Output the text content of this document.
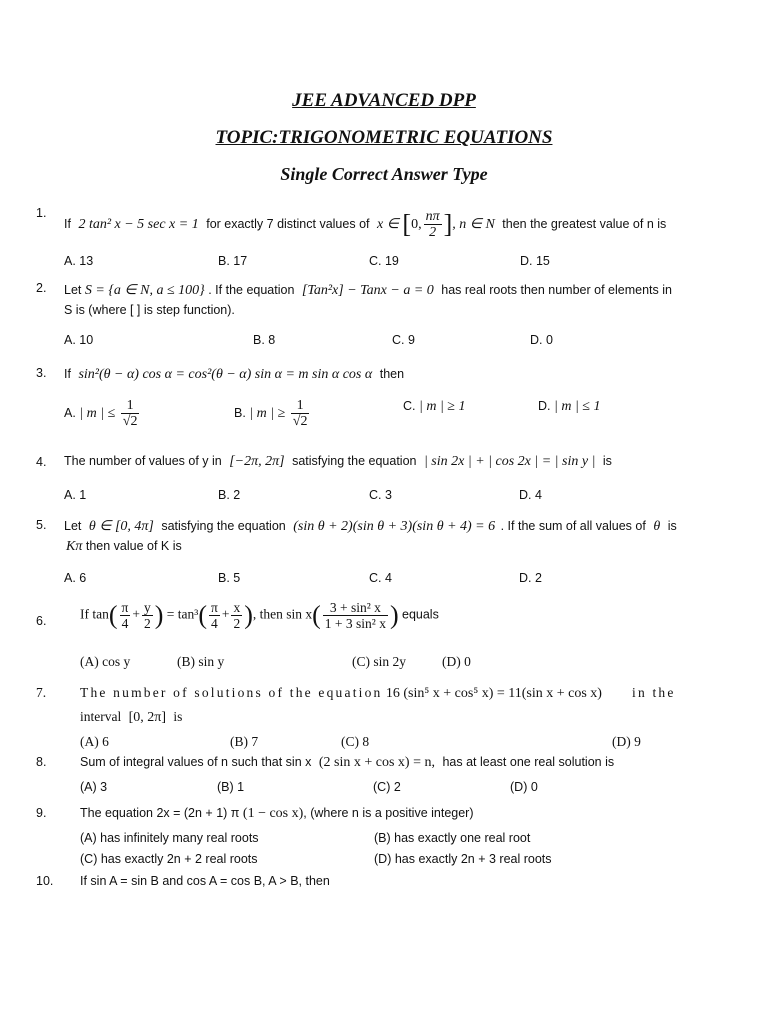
JEE ADVANCED DPP
TOPIC:TRIGONOMETRIC EQUATIONS
Single Correct Answer Type
1.
If 2 tan² x − 5 sec x = 1 for exactly 7 distinct values of x ∈ [0, $\frac{n\pi}{2}$ ], n ∈ N then the greatest value of n is
A. 13	B. 17	C. 19	D. 15
2. Let S = {a ∈ N, a ≤ 100} . If the equation [Tan²x] − Tanx − a = 0 has real roots then number of elements in
S is (where [ ] is step function).
A. 10	B. 8	C. 9	D. 0
3. If sin²(θ − α) cos α = cos²(θ − α) sin α = m sin α cos α then
A. | m | ≤ $\frac{1}{√2}$	B. | m | ≥ $\frac{1}{√2}$	C. | m | ≥ 1	D. | m | ≤ 1
4. The number of values of y in [−2π, 2π] satisfying the equation | sin 2x | + | cos 2x | = | sin y | is
A. 1	B. 2	C. 3	D. 4
5. Let θ ∈ [0, 4π] satisfying the equation (sin θ + 2)(sin θ + 3)(sin θ + 4) = 6 . If the sum of all values of θ is
Kπ then value of K is
A. 6	B. 5	C. 4	D. 2
6. If $\tan( \frac{\pi}{4} + \frac{y}{2}$ ) = $\tan^3( \frac{\pi}{4} + \frac{x}{2}$ ), then $\sin x( \frac{\text{3 + sin² x}}{\text{1 + 3 sin² x}}$ ) equals
(A) cos y	(B) sin y	(C) sin 2y	(D) 0
7.	The number of solutions of the equation 16 (sin⁵ x + cos⁵ x) = 11(sin x + cos x) in the
interval [0, 2π] is
(A) 6	(B) 7	(C) 8	(D) 9
8.	Sum of integral values of n such that sin x (2 sin x + cos x) = n, has at least one real solution is
(A) 3	(B) 1	(C) 2	(D) 0
9.	The equation 2x = (2n + 1) π (1 − cos x), (where n is a positive integer)
(A) has infinitely many real roots	(B) has exactly one real root
(C) has exactly 2n + 2 real roots	(D) has exactly 2n + 3 real roots
10. If sin A = sin B and cos A = cos B, A > B, then
